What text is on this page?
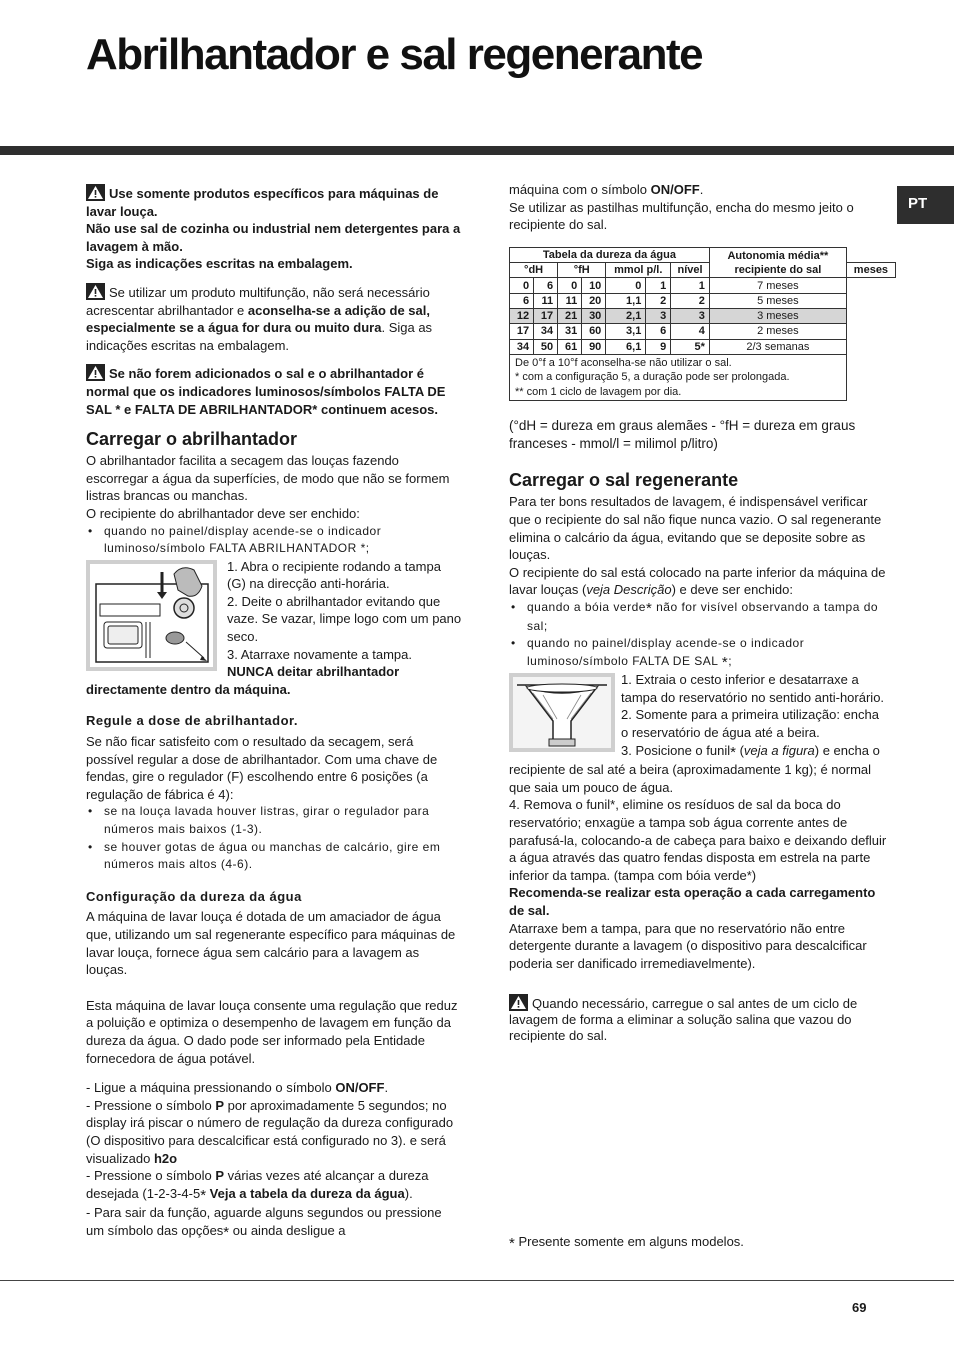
Abrilhantador e sal regenerante
PT
Use somente produtos específicos para máquinas de lavar louça.

Não use sal de cozinha ou industrial nem detergentes para a lavagem à mão.

Siga as indicações escritas na embalagem.

Se utilizar um produto multifunção, não será necessário acrescentar abrilhantador e aconselha-se a adição de sal, especialmente se a água for dura ou muito dura. Siga as indicações escritas na embalagem.

Se não forem adicionados o sal e o abrilhantador é normal que os indicadores luminosos/símbolos FALTA DE SAL * e FALTA DE ABRILHANTADOR* continuem acesos.

Carregar o abrilhantador

O abrilhantador facilita a secagem das louças fazendo escorregar a água da superfícies, de modo que não se formem listras brancas ou manchas.

O recipiente do abrilhantador deve ser enchido:

• quando no painel/display acende-se o indicador luminoso/símbolo FALTA ABRILHANTADOR *;

1. Abra o recipiente rodando a tampa (G) na direcção anti-horária.

2. Deite o abrilhantador evitando que vaze. Se vazar, limpe logo com um pano seco.

3. Atarraxe novamente a tampa.

NUNCA deitar abrilhantador directamente dentro da máquina.

Regule a dose de abrilhantador.

Se não ficar satisfeito com o resultado da secagem, será possível regular a dose de abrilhantador. Com uma chave de fendas, gire o regulador (F) escolhendo entre 6 posições (a regulação de fábrica é 4):

• se na louça lavada houver listras, girar o regulador para números mais baixos (1-3).
• se houver gotas de água ou manchas de calcário, gire em números mais altos (4-6).
Configuração da dureza da água

A máquina de lavar louça é dotada de um amaciador de água que, utilizando um sal regenerante específico para máquinas de lavar louça, fornece água sem calcário para a lavagem as louças.

Esta máquina de lavar louça consente uma regulação que reduz a poluição e optimiza o desempenho de lavagem em função da dureza da água. O dado pode ser informado pela Entidade fornecedora de água potável.

- Ligue a máquina pressionando o símbolo ON/OFF.

- Pressione o símbolo P por aproximadamente 5 segundos; no display irá piscar o número de regulação da dureza configurado (O dispositivo para descalcificar está configurado no 3). e será visualizado h2o

- Pressione o símbolo P várias vezes até alcançar a dureza desejada (1-2-3-4-5* Veja a tabela da dureza da água).

- Para sair da função, aguarde alguns segundos ou pressione um símbolo das opções* ou ainda desligue a

máquina com o símbolo ON/OFF.

Se utilizar as pastilhas multifunção, encha do mesmo jeito o recipiente do sal.

Tabela da dureza da água							Autonomia média** recipiente do sal	
°dH		°fH		mmol p/l.		nível		meses
0	6	0	10	0	1	1	7 meses	
6	11	11	20	1,1	2	2	5 meses	
12	17	21	30	2,1	3	3	3 meses	
17	34	31	60	3,1	6	4	2 meses	
34	50	61	90	6,1	9	5*	2/3 semanas	

De 0°f a 10°f aconselha-se não utilizar o sal.
* com a configuração 5, a duração pode ser prolongada.
** com 1 ciclo de lavagem por dia.								

(°dH = dureza em graus alemães - °fH = dureza em graus franceses - mmol/l = milimol p/litro)

Carregar o sal regenerante

Para ter bons resultados de lavagem, é indispensável verificar que o recipiente do sal não fique nunca vazio. O sal regenerante elimina o calcário da água, evitando que se deposite sobre as louças.

O recipiente do sal está colocado na parte inferior da máquina de lavar louças (veja Descrição) e deve ser enchido:

• quando a bóia verde* não for visível observando a tampa do sal;
• quando no painel/display acende-se o indicador luminoso/símbolo FALTA DE SAL *;

1. Extraia o cesto inferior e desatarraxe a tampa do reservatório no sentido anti-horário.

2. Somente para a primeira utilização: encha o reservatório de água até a beira.

3. Posicione o funil* (veja a figura) e encha o recipiente de sal até a beira (aproximadamente 1 kg); é normal que saia um pouco de água.

4. Remova o funil*, elimine os resíduos de sal da boca do reservatório; enxagüe a tampa sob água corrente antes de parafusá-la, colocando-a de cabeça para baixo e deixando defluir a água através das quatro fendas disposta em estrela na parte inferior da tampa. (tampa com bóia verde*)

Recomenda-se realizar esta operação a cada carregamento de sal.

Atarraxe bem a tampa, para que no reservatório não entre detergente durante a lavagem (o dispositivo para descalcificar poderia ser danificado irremediavelmente).

Quando necessário, carregue o sal antes de um ciclo de lavagem de forma a eliminar a solução salina que vazou do recipiente do sal.

* Presente somente em alguns modelos.

69
